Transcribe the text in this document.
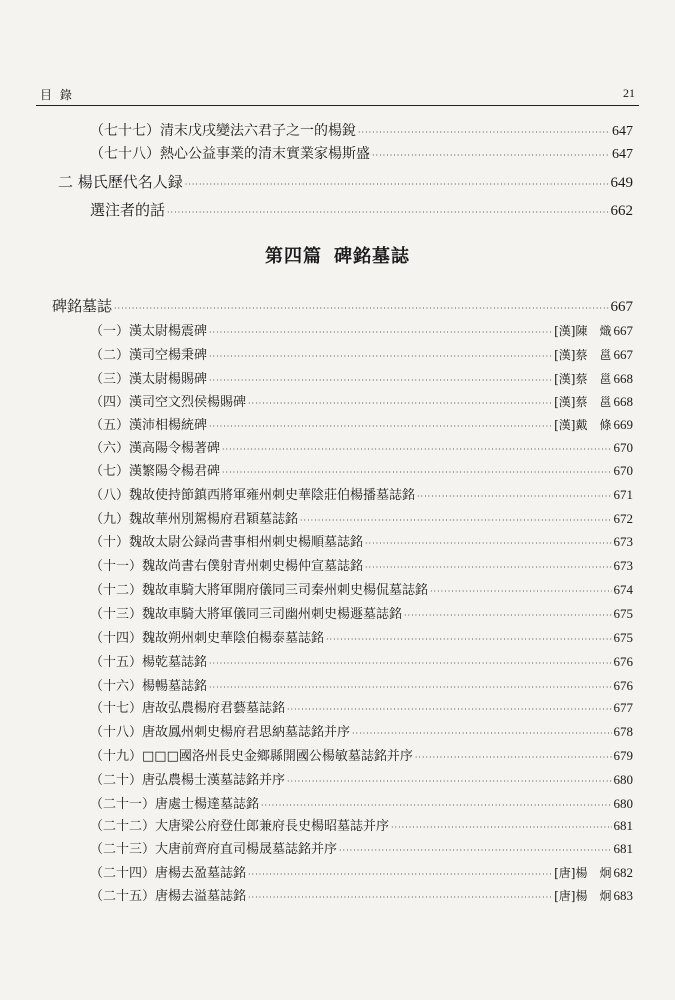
目 錄	21
（七十七）清末戊戌變法六君子之一的楊銳 ·····	647
（七十八）熱心公益事業的清末實業家楊斯盛 ·····	647
二 楊氏歷代名人録 ·····	649
選注者的話 ·····	662
第四篇 碑銘墓誌
碑銘墓誌 ·····	667
（一）漢太尉楊震碑 ·····	[漢]陳　熾 667
（二）漢司空楊秉碑 ·····	[漢]蔡　邕 667
（三）漢太尉楊賜碑 ·····	[漢]蔡　邕 668
（四）漢司空文烈侯楊賜碑 ·····	[漢]蔡　邕 668
（五）漢沛相楊統碑 ·····	[漢]戴　條 669
（六）漢高陽令楊著碑 ·····	670
（七）漢繁陽令楊君碑 ·····	670
（八）魏故使持節鎮西將軍雍州刺史華陰莊伯楊播墓誌銘 ·····	671
（九）魏故華州別駕楊府君穎墓誌銘 ·····	672
（十）魏故太尉公録尚書事相州刺史楊順墓誌銘 ·····	673
（十一）魏故尚書右僕射青州刺史楊仲宣墓誌銘 ·····	673
（十二）魏故車騎大將軍開府儀同三司秦州刺史楊侃墓誌銘 ·····	674
（十三）魏故車騎大將軍儀同三司幽州刺史楊遯墓誌銘 ·····	675
（十四）魏故朔州刺史華陰伯楊泰墓誌銘 ·····	675
（十五）楊乾墓誌銘 ·····	676
（十六）楊暢墓誌銘 ·····	676
（十七）唐故弘農楊府君藝墓誌銘 ·····	677
（十八）唐故鳳州刺史楊府君思納墓誌銘并序 ·····	678
（十九）□□□國洛州長史金鄉縣開國公楊敏墓誌銘并序 ·····	679
（二十）唐弘農楊士漢墓誌銘并序 ·····	680
（二十一）唐處士楊達墓誌銘 ·····	680
（二十二）大唐梁公府登仕郎兼府長史楊昭墓誌并序 ·····	681
（二十三）大唐前齊府直司楊晟墓誌銘并序 ·····	681
（二十四）唐楊去盈墓誌銘 ·····	[唐]楊　炯 682
（二十五）唐楊去溢墓誌銘 ·····	[唐]楊　炯 683
